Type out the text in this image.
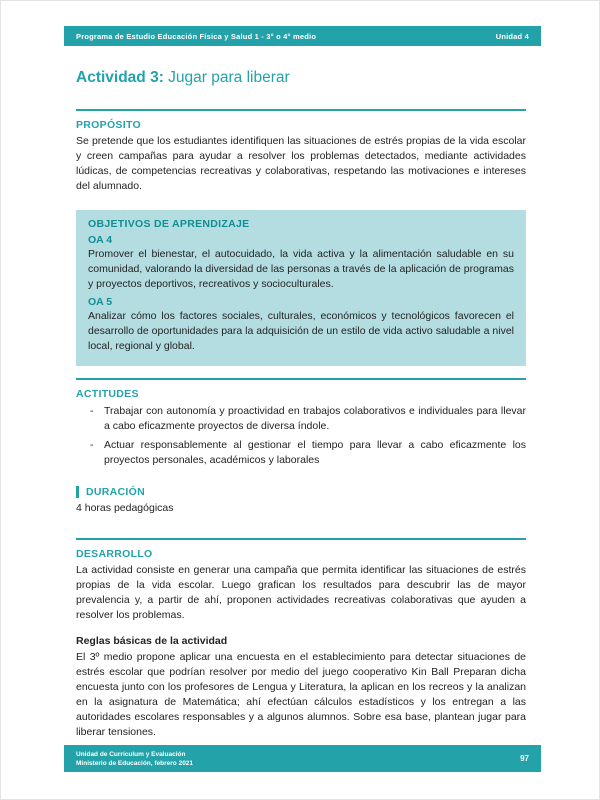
Programa de Estudio Educación Física y Salud 1 - 3° o 4° medio	Unidad 4
Actividad 3: Jugar para liberar
PROPÓSITO

Se pretende que los estudiantes identifiquen las situaciones de estrés propias de la vida escolar y creen campañas para ayudar a resolver los problemas detectados, mediante actividades lúdicas, de competencias recreativas y colaborativas, respetando las motivaciones e intereses del alumnado.

OBJETIVOS DE APRENDIZAJE
OA 4

Promover el bienestar, el autocuidado, la vida activa y la alimentación saludable en su comunidad, valorando la diversidad de las personas a través de la aplicación de programas y proyectos deportivos, recreativos y socioculturales.

OA 5

Analizar cómo los factores sociales, culturales, económicos y tecnológicos favorecen el desarrollo de oportunidades para la adquisición de un estilo de vida activo saludable a nivel local, regional y global.

ACTITUDES
-	Trabajar con autonomía y proactividad en trabajos colaborativos e individuales para llevar a cabo eficazmente proyectos de diversa índole.

-	Actuar responsablemente al gestionar el tiempo para llevar a cabo eficazmente los proyectos personales, académicos y laborales

DURACIÓN

4 horas pedagógicas

DESARROLLO

La actividad consiste en generar una campaña que permita identificar las situaciones de estrés propias de la vida escolar. Luego grafican los resultados para descubrir las de mayor prevalencia y, a partir de ahí, proponen actividades recreativas colaborativas que ayuden a resolver los problemas.

Reglas básicas de la actividad

El 3º medio propone aplicar una encuesta en el establecimiento para detectar situaciones de estrés escolar que podrían resolver por medio del juego cooperativo Kin Ball Preparan dicha encuesta junto con los profesores de Lengua y Literatura, la aplican en los recreos y la analizan en la asignatura de Matemática; ahí efectúan cálculos estadísticos y los entregan a las autoridades escolares responsables y a algunos alumnos. Sobre esa base, plantean jugar para liberar tensiones.

Unidad de Currículum y Evaluación
Ministerio de Educación, febrero 2021	97
